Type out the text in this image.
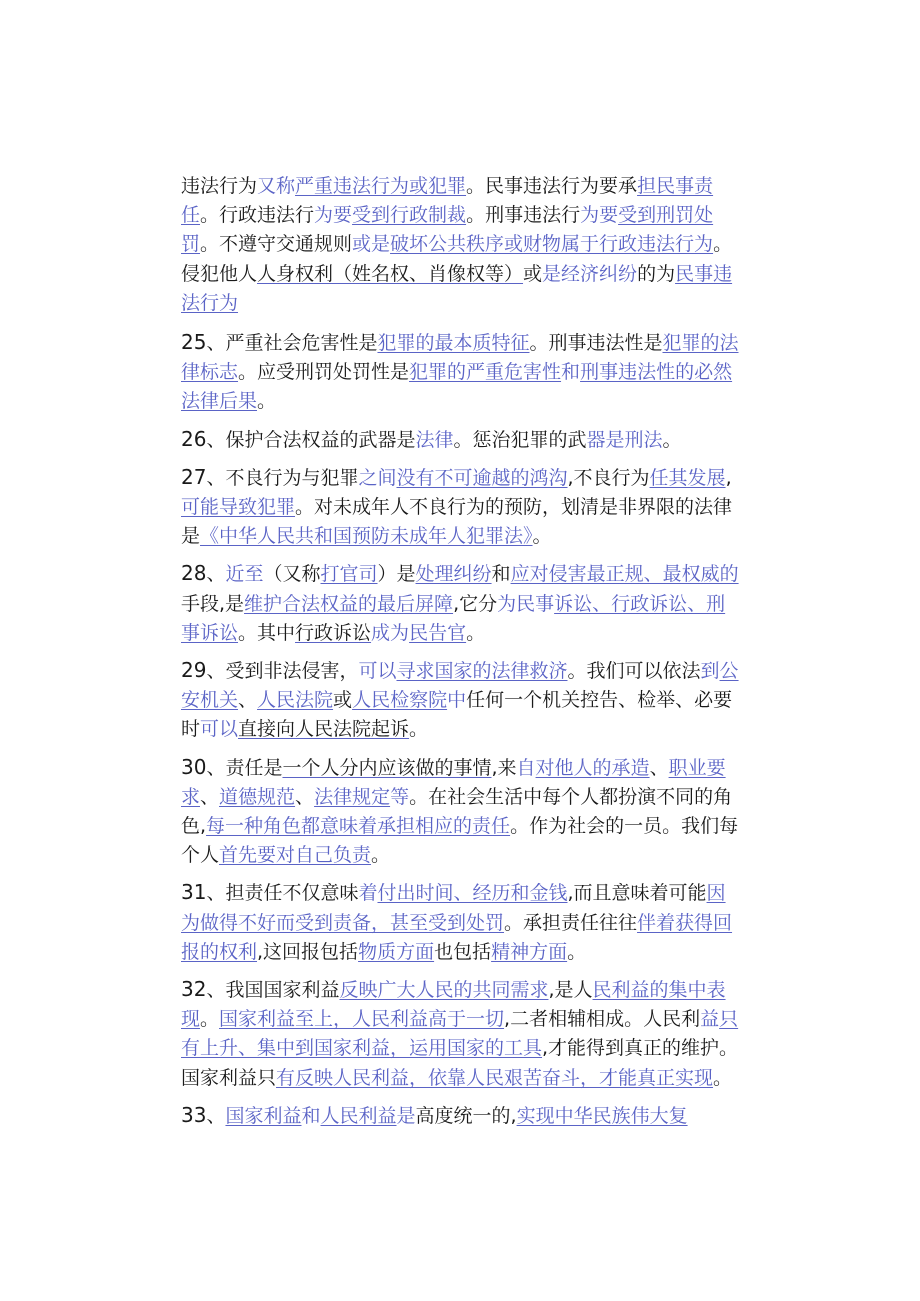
违法行为又称严重违法行为或犯罪。民事违法行为要承担民事责任。行政违法行为要受到行政制裁。刑事违法行为要受到刑罚处罚。不遵守交通规则或是破坏公共秩序或财物属于行政违法行为。侵犯他人人身权利（姓名权、肖像权等）或是经济纠纷的为民事违法行为

25、严重社会危害性是犯罪的最本质特征。刑事违法性是犯罪的法律标志。应受刑罚处罚性是犯罪的严重危害性和刑事违法性的必然法律后果。

26、保护合法权益的武器是法律。惩治犯罪的武器是刑法。

27、不良行为与犯罪之间没有不可逾越的鸿沟,不良行为任其发展,可能导致犯罪。对未成年人不良行为的预防，划清是非界限的法律是《中华人民共和国预防未成年人犯罪法》。

28、近至（又称打官司）是处理纠纷和应对侵害最正规、最权威的手段,是维护合法权益的最后屏障,它分为民事诉讼、行政诉讼、刑事诉讼。其中行政诉讼成为民告官。

29、受到非法侵害，可以寻求国家的法律救济。我们可以依法到公安机关、人民法院或人民检察院中任何一个机关控告、检举、必要时可以直接向人民法院起诉。

30、责任是一个人分内应该做的事情,来自对他人的承造、职业要求、道德规范、法律规定等。在社会生活中每个人都扮演不同的角色,每一种角色都意味着承担相应的责任。作为社会的一员。我们每个人首先要对自己负责。

31、担责任不仅意味着付出时间、经历和金钱,而且意味着可能因为做得不好而受到责备，甚至受到处罚。承担责任往往伴着获得回报的权利,这回报包括物质方面也包括精神方面。

32、我国国家利益反映广大人民的共同需求,是人民利益的集中表现。国家利益至上，人民利益高于一切,二者相辅相成。人民利益只有上升、集中到国家利益，运用国家的工具,才能得到真正的维护。国家利益只有反映人民利益，依靠人民艰苦奋斗，才能真正实现。

33、国家利益和人民利益是高度统一的,实现中华民族伟大复
